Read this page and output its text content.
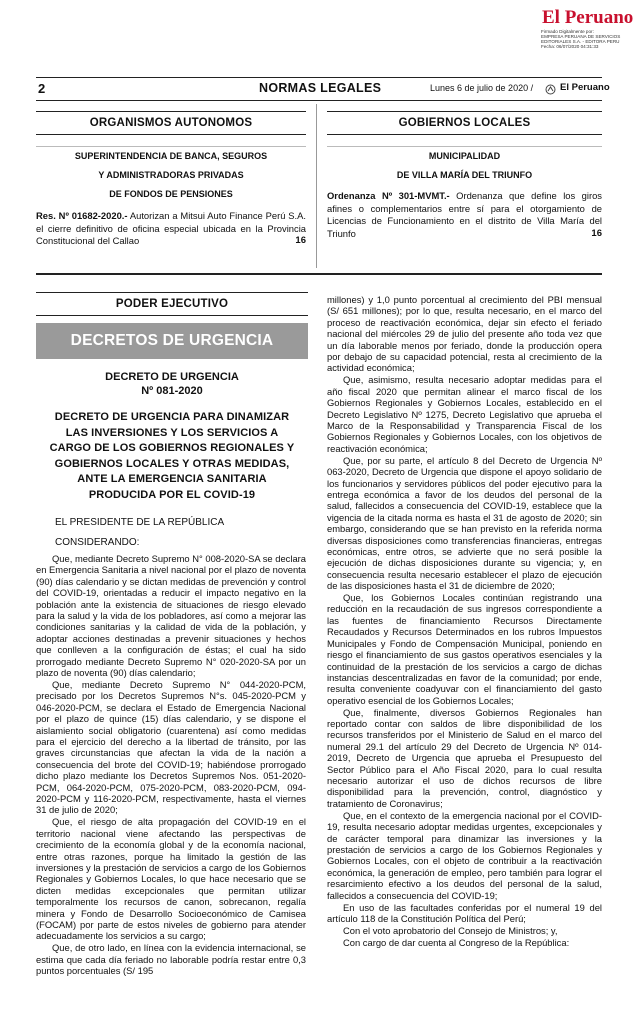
El Peruano
Firmado Digitalmente por:
EMPRESA PERUANA DE SERVICIOS
EDITORIALES S.A. - EDITORA PERU
Fecha: 06/07/2020 04:31:33
2	NORMAS LEGALES	Lunes 6 de julio de 2020 /	El Peruano
ORGANISMOS AUTONOMOS	GOBIERNOS LOCALES
SUPERINTENDENCIA DE BANCA, SEGUROS
Y ADMINISTRADORAS PRIVADAS
DE FONDOS DE PENSIONES
MUNICIPALIDAD
DE VILLA MARÍA DEL TRIUNFO
Res. Nº 01682-2020.- Autorizan a Mitsui Auto Finance Perú S.A. el cierre definitivo de oficina especial ubicada en la Provincia Constitucional del Callao	16
Ordenanza Nº 301-MVMT.- Ordenanza que define los giros afines o complementarios entre sí para el otorgamiento de Licencias de Funcionamiento en el distrito de Villa María del Triunfo	16
PODER EJECUTIVO
DECRETOS DE URGENCIA
DECRETO DE URGENCIA
Nº 081-2020
DECRETO DE URGENCIA PARA DINAMIZAR LAS INVERSIONES Y LOS SERVICIOS A CARGO DE LOS GOBIERNOS REGIONALES Y GOBIERNOS LOCALES Y OTRAS MEDIDAS, ANTE LA EMERGENCIA SANITARIA PRODUCIDA POR EL COVID-19
EL PRESIDENTE DE LA REPÚBLICA
CONSIDERANDO:

Que, mediante Decreto Supremo N° 008-2020-SA se declara en Emergencia Sanitaria a nivel nacional por el plazo de noventa (90) días calendario y se dictan medidas de prevención y control del COVID-19, orientadas a reducir el impacto negativo en la población ante la existencia de situaciones de riesgo elevado para la salud y la vida de los pobladores, así como a mejorar las condiciones sanitarias y la calidad de vida de la población, y adoptar acciones destinadas a prevenir situaciones y hechos que conlleven a la configuración de éstas; el cual ha sido prorrogado mediante Decreto Supremo N° 020-2020-SA por un plazo de noventa (90) días calendario;

Que, mediante Decreto Supremo N° 044-2020-PCM, precisado por los Decretos Supremos N°s. 045-2020-PCM y 046-2020-PCM, se declara el Estado de Emergencia Nacional por el plazo de quince (15) días calendario, y se dispone el aislamiento social obligatorio (cuarentena) así como medidas para el ejercicio del derecho a la libertad de tránsito, por las graves circunstancias que afectan la vida de la nación a consecuencia del brote del COVID-19; habiéndose prorrogado dicho plazo mediante los Decretos Supremos Nos. 051-2020-PCM, 064-2020-PCM, 075-2020-PCM, 083-2020-PCM, 094-2020-PCM y 116-2020-PCM, respectivamente, hasta el viernes 31 de julio de 2020;

Que, el riesgo de alta propagación del COVID-19 en el territorio nacional viene afectando las perspectivas de crecimiento de la economía global y de la economía nacional, entre otras razones, porque ha limitado la gestión de las inversiones y la prestación de servicios a cargo de los Gobiernos Regionales y Gobiernos Locales, lo que hace necesario que se dicten medidas excepcionales que permitan utilizar temporalmente los recursos de canon, sobrecanon, regalía minera y Fondo de Desarrollo Socioeconómico de Camisea (FOCAM) por parte de estos niveles de gobierno para atender adecuadamente los servicios a su cargo;

Que, de otro lado, en línea con la evidencia internacional, se estima que cada día feriado no laborable podría restar entre 0,3 puntos porcentuales (S/ 195

millones) y 1,0 punto porcentual al crecimiento del PBI mensual (S/ 651 millones); por lo que, resulta necesario, en el marco del proceso de reactivación económica, dejar sin efecto el feriado nacional del miércoles 29 de julio del presente año toda vez que un día laborable menos por feriado, donde la producción opera por debajo de su capacidad potencial, resta al crecimiento de la actividad económica;

Que, asimismo, resulta necesario adoptar medidas para el año fiscal 2020 que permitan alinear el marco fiscal de los Gobiernos Regionales y Gobiernos Locales, establecido en el Decreto Legislativo Nº 1275, Decreto Legislativo que aprueba el Marco de la Responsabilidad y Transparencia Fiscal de los Gobiernos Regionales y Gobiernos Locales, con los objetivos de reactivación económica;

Que, por su parte, el artículo 8 del Decreto de Urgencia Nº 063-2020, Decreto de Urgencia que dispone el apoyo solidario de los funcionarios y servidores públicos del poder ejecutivo para la entrega económica a favor de los deudos del personal de la salud, fallecidos a consecuencia del COVID-19, establece que la vigencia de la citada norma es hasta el 31 de agosto de 2020; sin embargo, considerando que se han previsto en la referida norma diversas disposiciones como transferencias financieras, entregas económicas, entre otros, se advierte que no será posible la ejecución de dichas disposiciones durante su vigencia; y, en consecuencia resulta necesario establecer el plazo de ejecución de las disposiciones hasta el 31 de diciembre de 2020;

Que, los Gobiernos Locales continúan registrando una reducción en la recaudación de sus ingresos correspondiente a las fuentes de financiamiento Recursos Directamente Recaudados y Recursos Determinados en los rubros Impuestos Municipales y Fondo de Compensación Municipal, poniendo en riesgo el financiamiento de sus gastos operativos esenciales y la continuidad de la prestación de los servicios a cargo de dichas instancias descentralizadas en favor de la comunidad; por ende, resulta conveniente coadyuvar con el financiamiento del gasto operativo esencial de los Gobiernos Locales;

Que, finalmente, diversos Gobiernos Regionales han reportado contar con saldos de libre disponibilidad de los recursos transferidos por el Ministerio de Salud en el marco del numeral 29.1 del artículo 29 del Decreto de Urgencia Nº 014-2019, Decreto de Urgencia que aprueba el Presupuesto del Sector Público para el Año Fiscal 2020, para lo cual resulta necesario autorizar el uso de dichos recursos de libre disponibilidad para la prevención, control, diagnóstico y tratamiento de Coronavirus;

Que, en el contexto de la emergencia nacional por el COVID-19, resulta necesario adoptar medidas urgentes, excepcionales y de carácter temporal para dinamizar las inversiones y la prestación de servicios a cargo de los Gobiernos Regionales y Gobiernos Locales, con el objeto de contribuir a la reactivación económica, la generación de empleo, pero también para lograr el resarcimiento efectivo a los deudos del personal de la salud, fallecidos a consecuencia del COVID-19;

En uso de las facultades conferidas por el numeral 19 del artículo 118 de la Constitución Política del Perú;

Con el voto aprobatorio del Consejo de Ministros; y,

Con cargo de dar cuenta al Congreso de la República:
